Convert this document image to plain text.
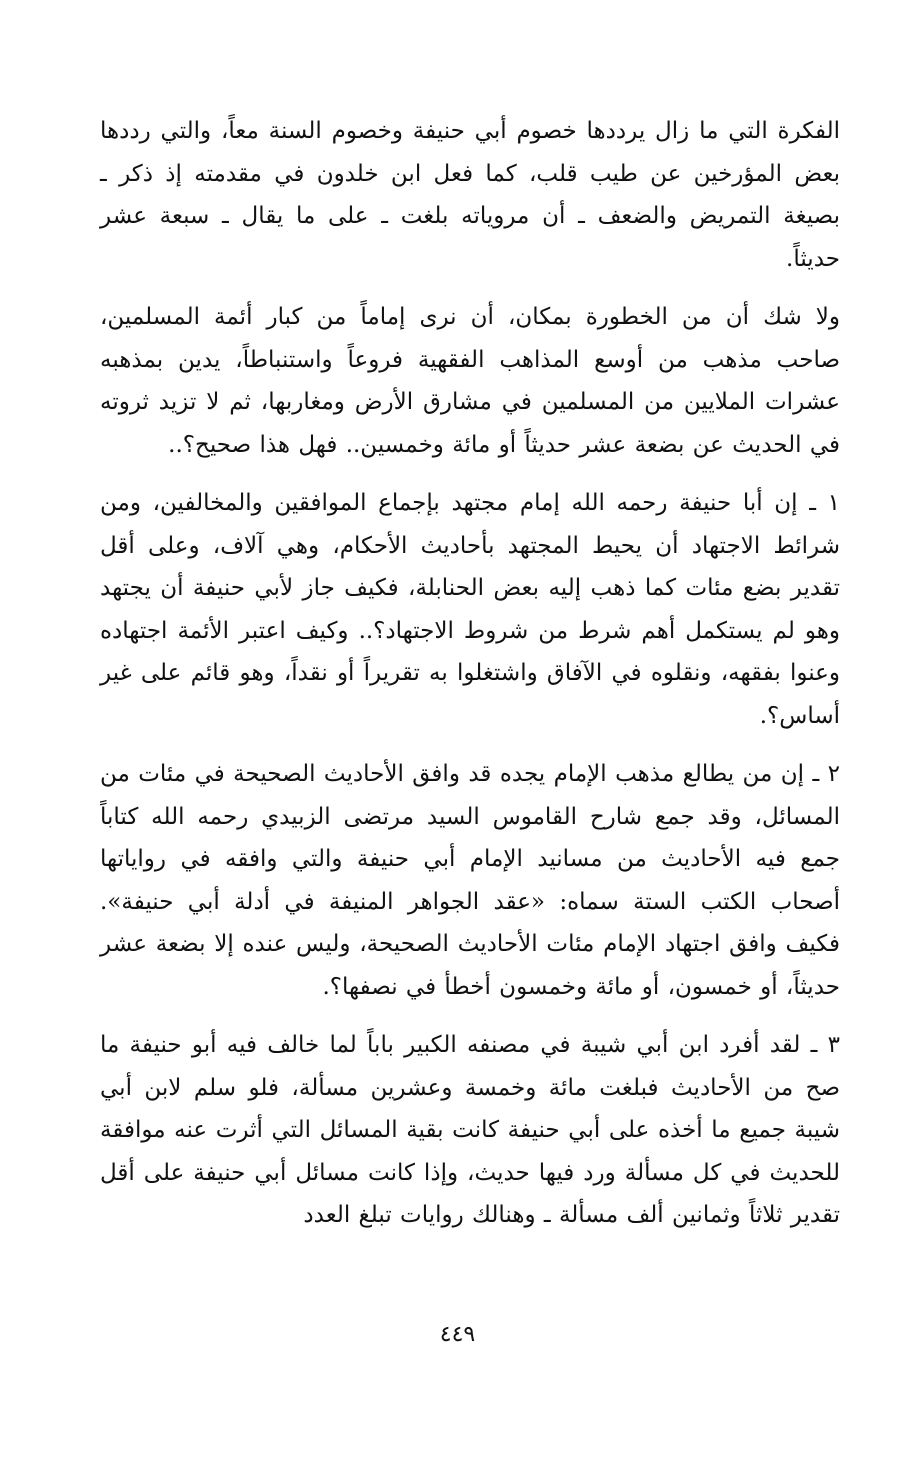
الفكرة التي ما زال يرددها خصوم أبي حنيفة وخصوم السنة معاً، والتي رددها بعض المؤرخين عن طيب قلب، كما فعل ابن خلدون في مقدمته إذ ذكر ـ بصيغة التمريض والضعف ـ أن مروياته بلغت ـ على ما يقال ـ سبعة عشر حديثاً.

ولا شك أن من الخطورة بمكان، أن نرى إماماً من كبار أئمة المسلمين، صاحب مذهب من أوسع المذاهب الفقهية فروعاً واستنباطاً، يدين بمذهبه عشرات الملايين من المسلمين في مشارق الأرض ومغاربها، ثم لا تزيد ثروته في الحديث عن بضعة عشر حديثاً أو مائة وخمسين.. فهل هذا صحيح؟..

١ ـ إن أبا حنيفة رحمه الله إمام مجتهد بإجماع الموافقين والمخالفين، ومن شرائط الاجتهاد أن يحيط المجتهد بأحاديث الأحكام، وهي آلاف، وعلى أقل تقدير بضع مئات كما ذهب إليه بعض الحنابلة، فكيف جاز لأبي حنيفة أن يجتهد وهو لم يستكمل أهم شرط من شروط الاجتهاد؟.. وكيف اعتبر الأئمة اجتهاده وعنوا بفقهه، ونقلوه في الآفاق واشتغلوا به تقريراً أو نقداً، وهو قائم على غير أساس؟.

٢ ـ إن من يطالع مذهب الإمام يجده قد وافق الأحاديث الصحيحة في مئات من المسائل، وقد جمع شارح القاموس السيد مرتضى الزبيدي رحمه الله كتاباً جمع فيه الأحاديث من مسانيد الإمام أبي حنيفة والتي وافقه في رواياتها أصحاب الكتب الستة سماه: «عقد الجواهر المنيفة في أدلة أبي حنيفة». فكيف وافق اجتهاد الإمام مئات الأحاديث الصحيحة، وليس عنده إلا بضعة عشر حديثاً، أو خمسون، أو مائة وخمسون أخطأ في نصفها؟.

٣ ـ لقد أفرد ابن أبي شيبة في مصنفه الكبير باباً لما خالف فيه أبو حنيفة ما صح من الأحاديث فبلغت مائة وخمسة وعشرين مسألة، فلو سلم لابن أبي شيبة جميع ما أخذه على أبي حنيفة كانت بقية المسائل التي أثرت عنه موافقة للحديث في كل مسألة ورد فيها حديث، وإذا كانت مسائل أبي حنيفة على أقل تقدير ثلاثاً وثمانين ألف مسألة ـ وهنالك روايات تبلغ العدد

٤٤٩
